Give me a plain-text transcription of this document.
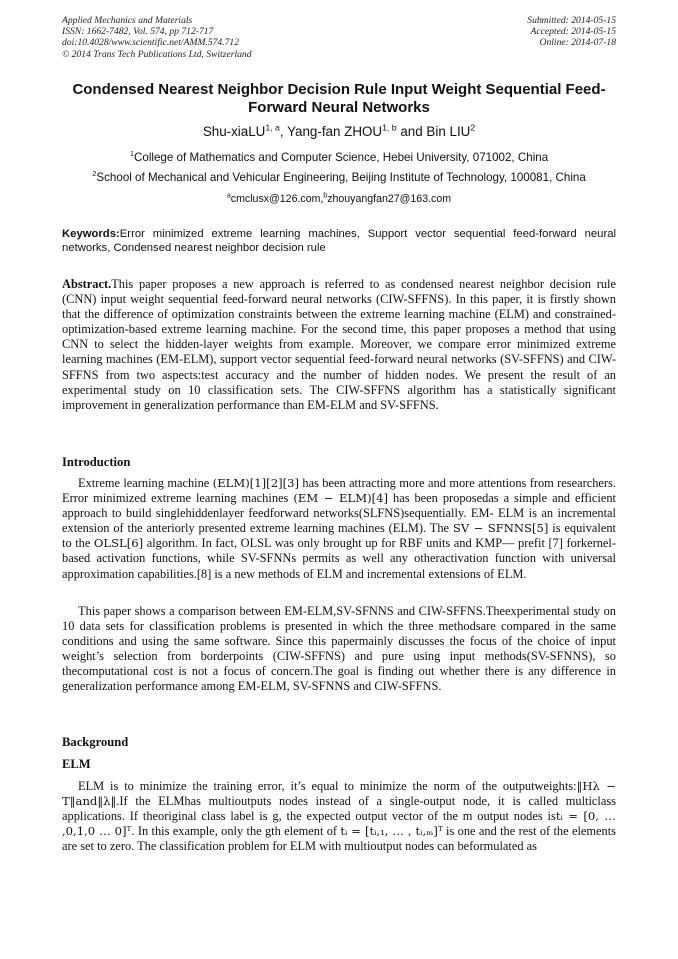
Applied Mechanics and Materials
ISSN: 1662-7482, Vol. 574, pp 712-717
doi:10.4028/www.scientific.net/AMM.574.712
© 2014 Trans Tech Publications Ltd, Switzerland
Submitted: 2014-05-15
Accepted: 2014-05-15
Online: 2014-07-18
Condensed Nearest Neighbor Decision Rule Input Weight Sequential Feed-Forward Neural Networks
Shu-xiaLU$^{1, a}$, Yang-fan ZHOU$^{1, b}$ and Bin LIU$^2$
$^1$College of Mathematics and Computer Science, Hebei University, 071002, China
$^2$School of Mechanical and Vehicular Engineering, Beijing Institute of Technology, 100081, China
$^a$cmclusx@126.com,$^b$zhouyangfan27@163.com
Keywords:Error minimized extreme learning machines, Support vector sequential feed-forward neural networks, Condensed nearest neighbor decision rule
Abstract.This paper proposes a new approach is referred to as condensed nearest neighbor decision rule (CNN) input weight sequential feed-forward neural networks (CIW-SFFNS). In this paper, it is firstly shown that the difference of optimization constraints between the extreme learning machine (ELM) and constrained-optimization-based extreme learning machine. For the second time, this paper proposes a method that using CNN to select the hidden-layer weights from example. Moreover, we compare error minimized extreme learning machines (EM-ELM), support vector sequential feed-forward neural networks (SV-SFFNS) and CIW-SFFNS from two aspects:test accuracy and the number of hidden nodes. We present the result of an experimental study on 10 classification sets. The CIW-SFFNS algorithm has a statistically significant improvement in generalization performance than EM-ELM and SV-SFFNS.
Introduction
Extreme learning machine (ELM)[1][2][3] has been attracting more and more attentions from researchers. Error minimized extreme learning machines (EM − ELM)[4] has been proposedas a simple and efficient approach to build singlehiddenlayer feedforward networks(SLFNS)sequentially. EM- ELM is an incremental extension of the anteriorly presented extreme learning machines (ELM). The SV − SFNNS[5] is equivalent to the OLSL[6] algorithm. In fact, OLSL was only brought up for RBF units and KMP— prefit [7] forkernel-based activation functions, while SV-SFNNs permits as well any otheractivation function with universal approximation capabilities.[8] is a new methods of ELM and incremental extensions of ELM.
This paper shows a comparison between EM-ELM,SV-SFNNS and CIW-SFFNS.Theexperimental study on 10 data sets for classification problems is presented in which the three methodsare compared in the same conditions and using the same software. Since this papermainly discusses the focus of the choice of input weight’s selection from borderpoints (CIW-SFFNS) and pure using input methods(SV-SFNNS), so thecomputational cost is not a focus of concern.The goal is finding out whether there is any difference in generalization performance among EM-ELM, SV-SFNNS and CIW-SFFNS.
Background
ELM
ELM is to minimize the training error, it’s equal to minimize the norm of the outputweights:‖Hλ − T‖and‖λ‖.If the ELMhas multioutputs nodes instead of a single-output node, it is called multiclass applications. If theoriginal class label is g, the expected output vector of the m output nodes istᵢ = [0, … ,0,1,0 … 0]ᵀ. In this example, only the gth element of tᵢ = [tᵢ,₁, … , tᵢ,ₘ]ᵀ is one and the rest of the elements are set to zero. The classification problem for ELM with multioutput nodes can beformulated as
